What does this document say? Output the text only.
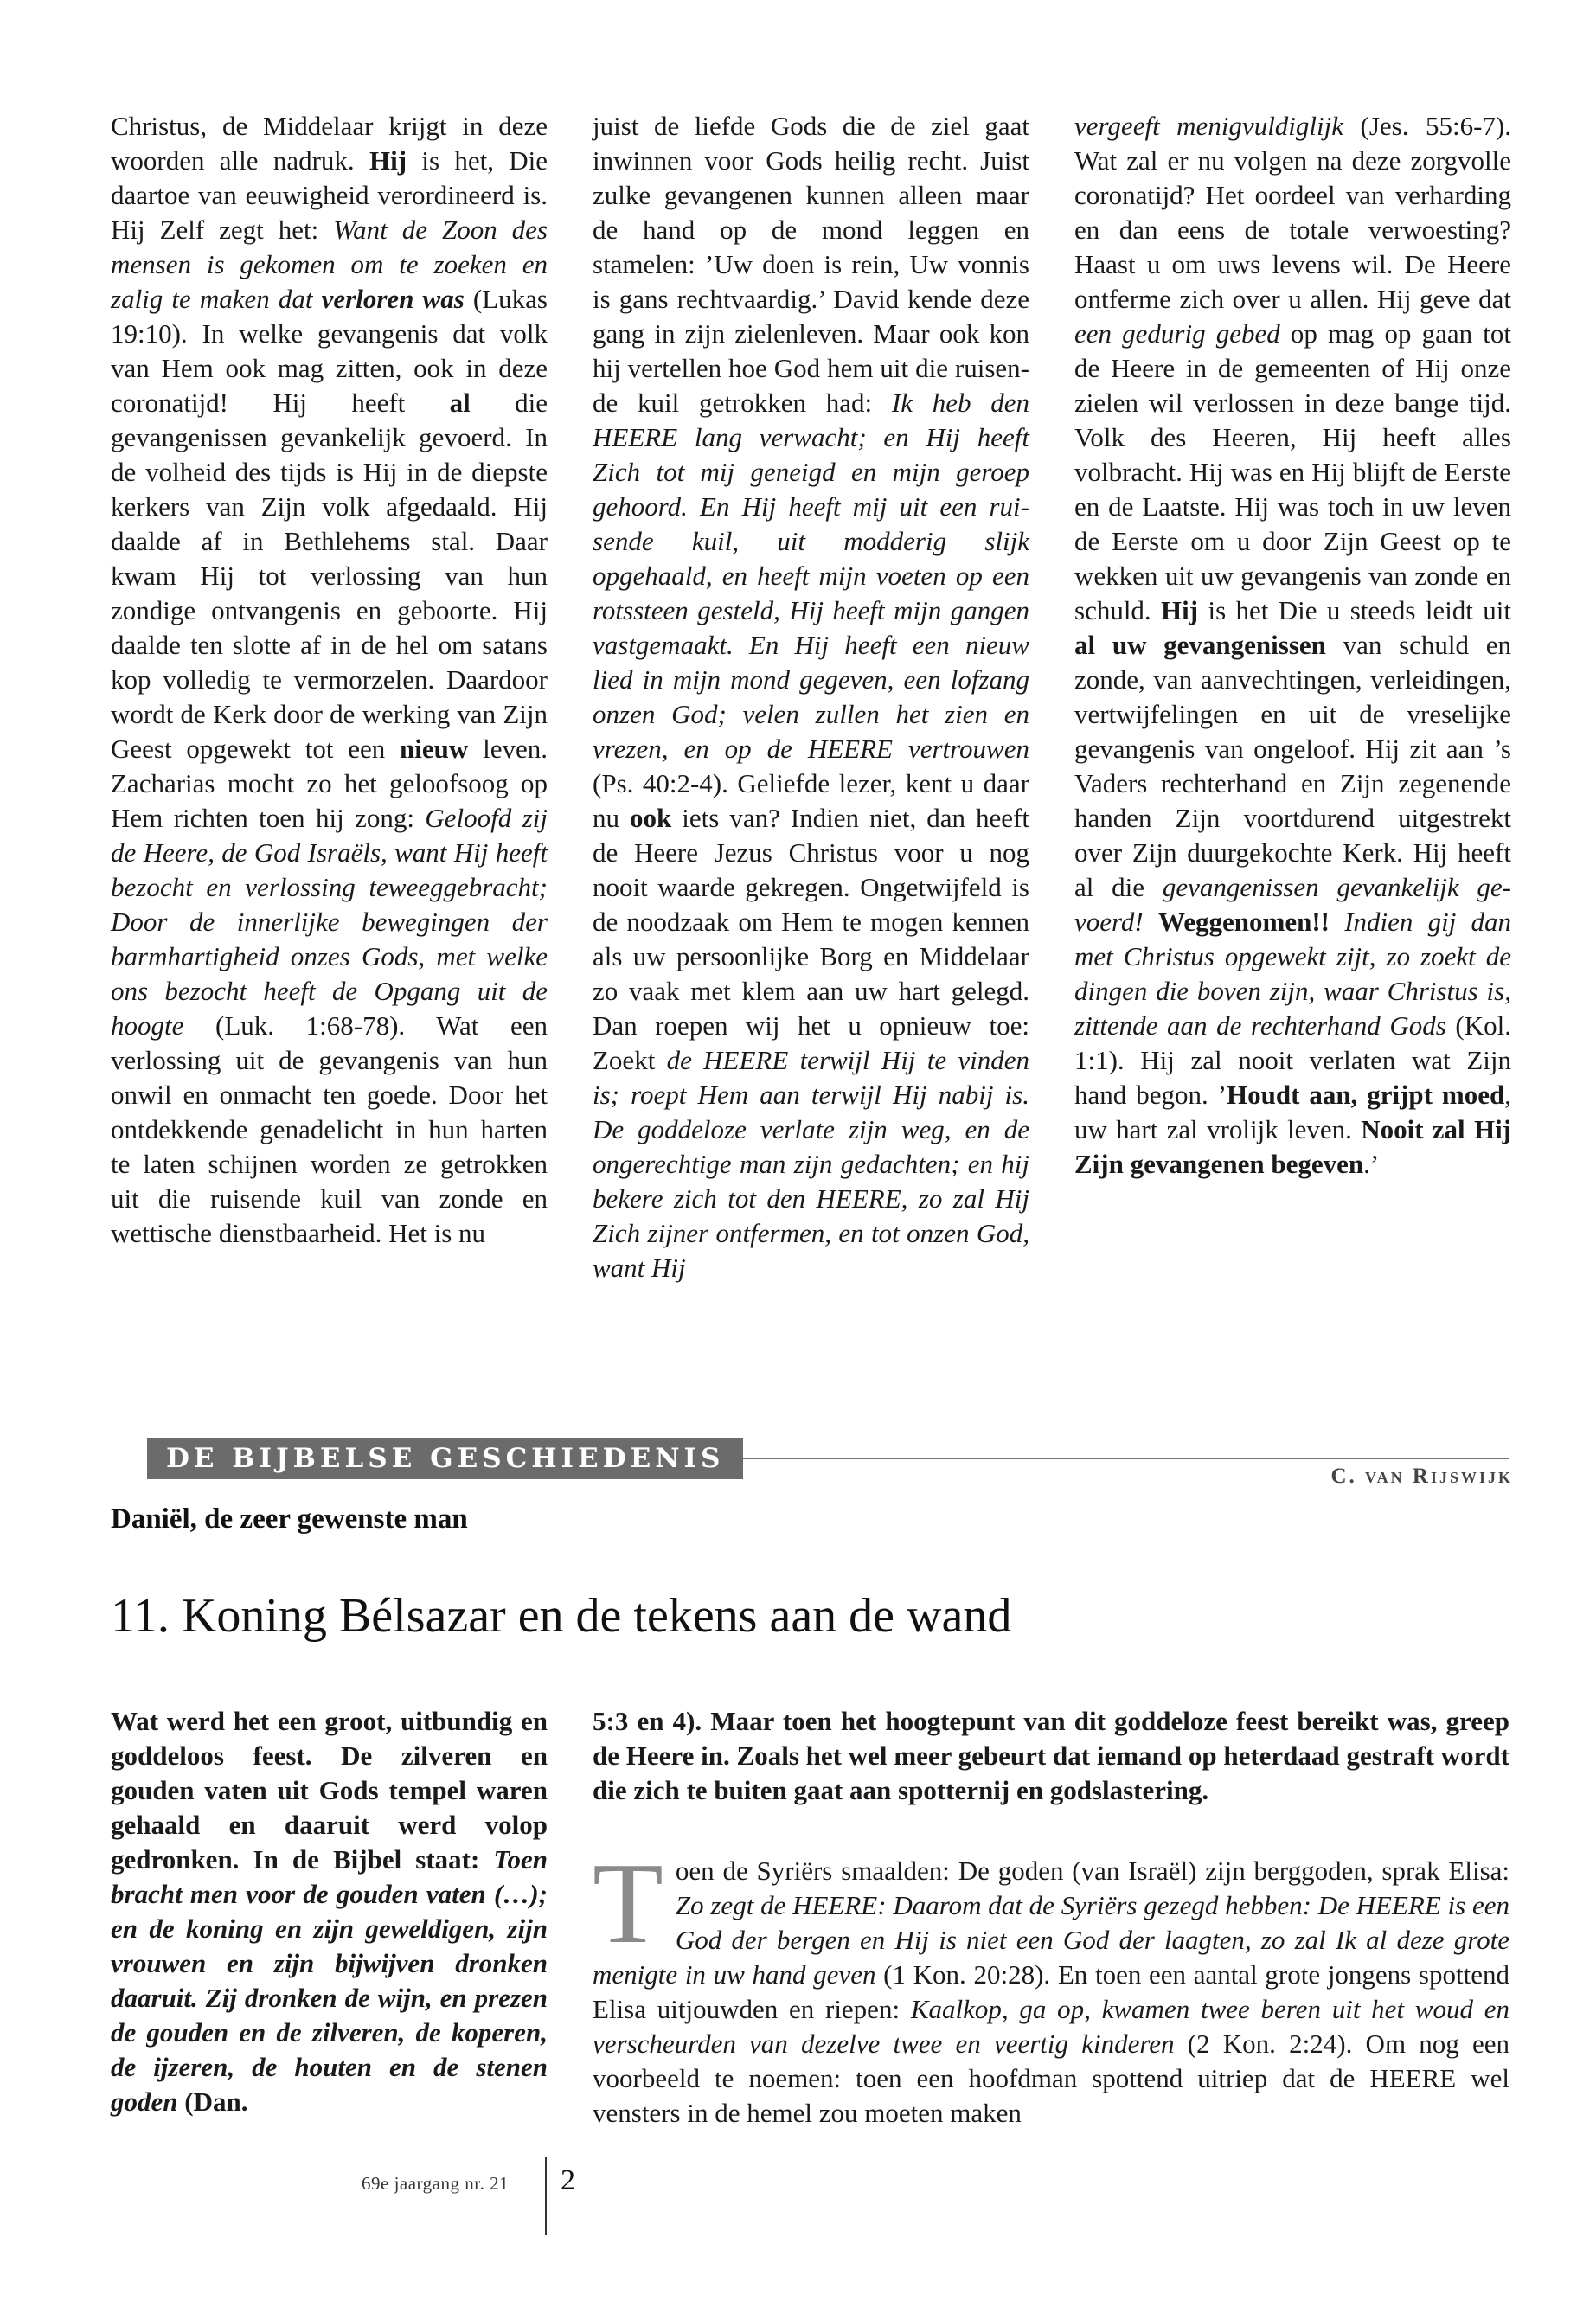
Christus, de Middelaar krijgt in deze woorden alle nadruk. Hij is het, Die daartoe van eeuwigheid verordineerd is. Hij Zelf zegt het: Want de Zoon des mensen is gekomen om te zoeken en zalig te maken dat verloren was (Lukas 19:10). In welke gevangenis dat volk van Hem ook mag zitten, ook in deze coronatijd! Hij heeft al die gevangenissen gevankelijk gevoerd. In de volheid des tijds is Hij in de diepste kerkers van Zijn volk afgedaald. Hij daalde af in Bethlehems stal. Daar kwam Hij tot verlossing van hun zondige ontvangenis en geboorte. Hij daalde ten slotte af in de hel om satans kop volledig te vermorzelen. Daardoor wordt de Kerk door de werking van Zijn Geest opgewekt tot een nieuw leven. Zacharias mocht zo het geloofsoog op Hem richten toen hij zong: Geloofd zij de Heere, de God Israëls, want Hij heeft bezocht en verlossing teweeggebracht; Door de innerlijke bewegingen der barmhartigheid onzes Gods, met welke ons bezocht heeft de Opgang uit de hoogte (Luk. 1:68-78). Wat een verlossing uit de gevangenis van hun onwil en onmacht ten goede. Door het ontdekkende genadelicht in hun harten te laten schijnen worden ze getrokken uit die ruisende kuil van zonde en wettische dienstbaarheid. Het is nu

juist de liefde Gods die de ziel gaat inwinnen voor Gods heilig recht. Juist zulke gevangenen kunnen alleen maar de hand op de mond leggen en stamelen: ’Uw doen is rein, Uw vonnis is gans rechtvaardig.’ David kende deze gang in zijn zielenleven. Maar ook kon hij vertellen hoe God hem uit die ruisende kuil getrokken had: Ik heb den HEERE lang verwacht; en Hij heeft Zich tot mij geneigd en mijn geroep gehoord. En Hij heeft mij uit een ruisende kuil, uit modderig slijk opgehaald, en heeft mijn voeten op een rotssteen gesteld, Hij heeft mijn gangen vastgemaakt. En Hij heeft een nieuw lied in mijn mond gegeven, een lofzang onzen God; velen zullen het zien en vrezen, en op de HEERE vertrouwen (Ps. 40:2-4). Geliefde lezer, kent u daar nu ook iets van? Indien niet, dan heeft de Heere Jezus Christus voor u nog nooit waarde gekregen. Ongetwijfeld is de noodzaak om Hem te mogen kennen als uw persoonlijke Borg en Middelaar zo vaak met klem aan uw hart gelegd. Dan roepen wij het u opnieuw toe: Zoekt de HEERE terwijl Hij te vinden is; roept Hem aan terwijl Hij nabij is. De goddeloze verlate zijn weg, en de ongerechtige man zijn gedachten; en hij bekere zich tot den HEERE, zo zal Hij Zich zijner ontfermen, en tot onzen God, want Hij

vergeeft menigvuldiglijk (Jes. 55:6-7). Wat zal er nu volgen na deze zorgvolle coronatijd? Het oordeel van verharding en dan eens de totale verwoesting? Haast u om uws levens wil. De Heere ontferme zich over u allen. Hij geve dat een gedurig gebed op mag op gaan tot de Heere in de gemeenten of Hij onze zielen wil verlossen in deze bange tijd. Volk des Heeren, Hij heeft alles volbracht. Hij was en Hij blijft de Eerste en de Laatste. Hij was toch in uw leven de Eerste om u door Zijn Geest op te wekken uit uw gevangenis van zonde en schuld. Hij is het Die u steeds leidt uit al uw gevangenissen van schuld en zonde, van aanvechtingen, verleidingen, vertwijfelingen en uit de vreselijke gevangenis van ongeloof. Hij zit aan ’s Vaders rechterhand en Zijn zegenende handen Zijn voortdurend uitgestrekt over Zijn duurgekochte Kerk. Hij heeft al die gevangenissen gevankelijk gevoerd! Weggenomen!! Indien gij dan met Christus opgewekt zijt, zo zoekt de dingen die boven zijn, waar Christus is, zittende aan de rechterhand Gods (Kol. 1:1). Hij zal nooit verlaten wat Zijn hand begon. ’Houdt aan, grijpt moed, uw hart zal vrolijk leven. Nooit zal Hij Zijn gevangenen begeven.’

DE BIJBELSE GESCHIEDENIS
C. van Rijswijk
Daniël, de zeer gewenste man
11. Koning Bélsazar en de tekens aan de wand

Wat werd het een groot, uitbundig en goddeloos feest. De zilveren en gouden vaten uit Gods tempel waren gehaald en daaruit werd volop gedronken. In de Bijbel staat: Toen bracht men voor de gouden vaten (…); en de koning en zijn geweldigen, zijn vrouwen en zijn bijwijven dronken daaruit. Zij dronken de wijn, en prezen de gouden en de zilveren, de koperen, de ijzeren, de houten en de stenen goden (Dan.

5:3 en 4). Maar toen het hoogtepunt van dit goddeloze feest bereikt was, greep de Heere in. Zoals het wel meer gebeurt dat iemand op heterdaad gestraft wordt die zich te buiten gaat aan spotternij en godslastering.

T oen de Syriërs smaalden: De goden (van Israël) zijn berggoden, sprak Elisa: Zo zegt de HEERE: Daarom dat de Syriërs gezegd hebben: De HEERE is een God der bergen en Hij is niet een God der laagten, zo zal Ik al deze grote menigte in uw hand geven (1 Kon. 20:28). En toen een aantal grote jongens spottend Elisa uitjouwden en riepen: Kaalkop, ga op, kwamen twee beren uit het woud en verscheurden van dezelve twee en veertig kinderen (2 Kon. 2:24). Om nog een voorbeeld te noemen: toen een hoofdman spottend uitriep dat de HEERE wel vensters in de hemel zou moeten maken

69e jaargang nr. 21 2
